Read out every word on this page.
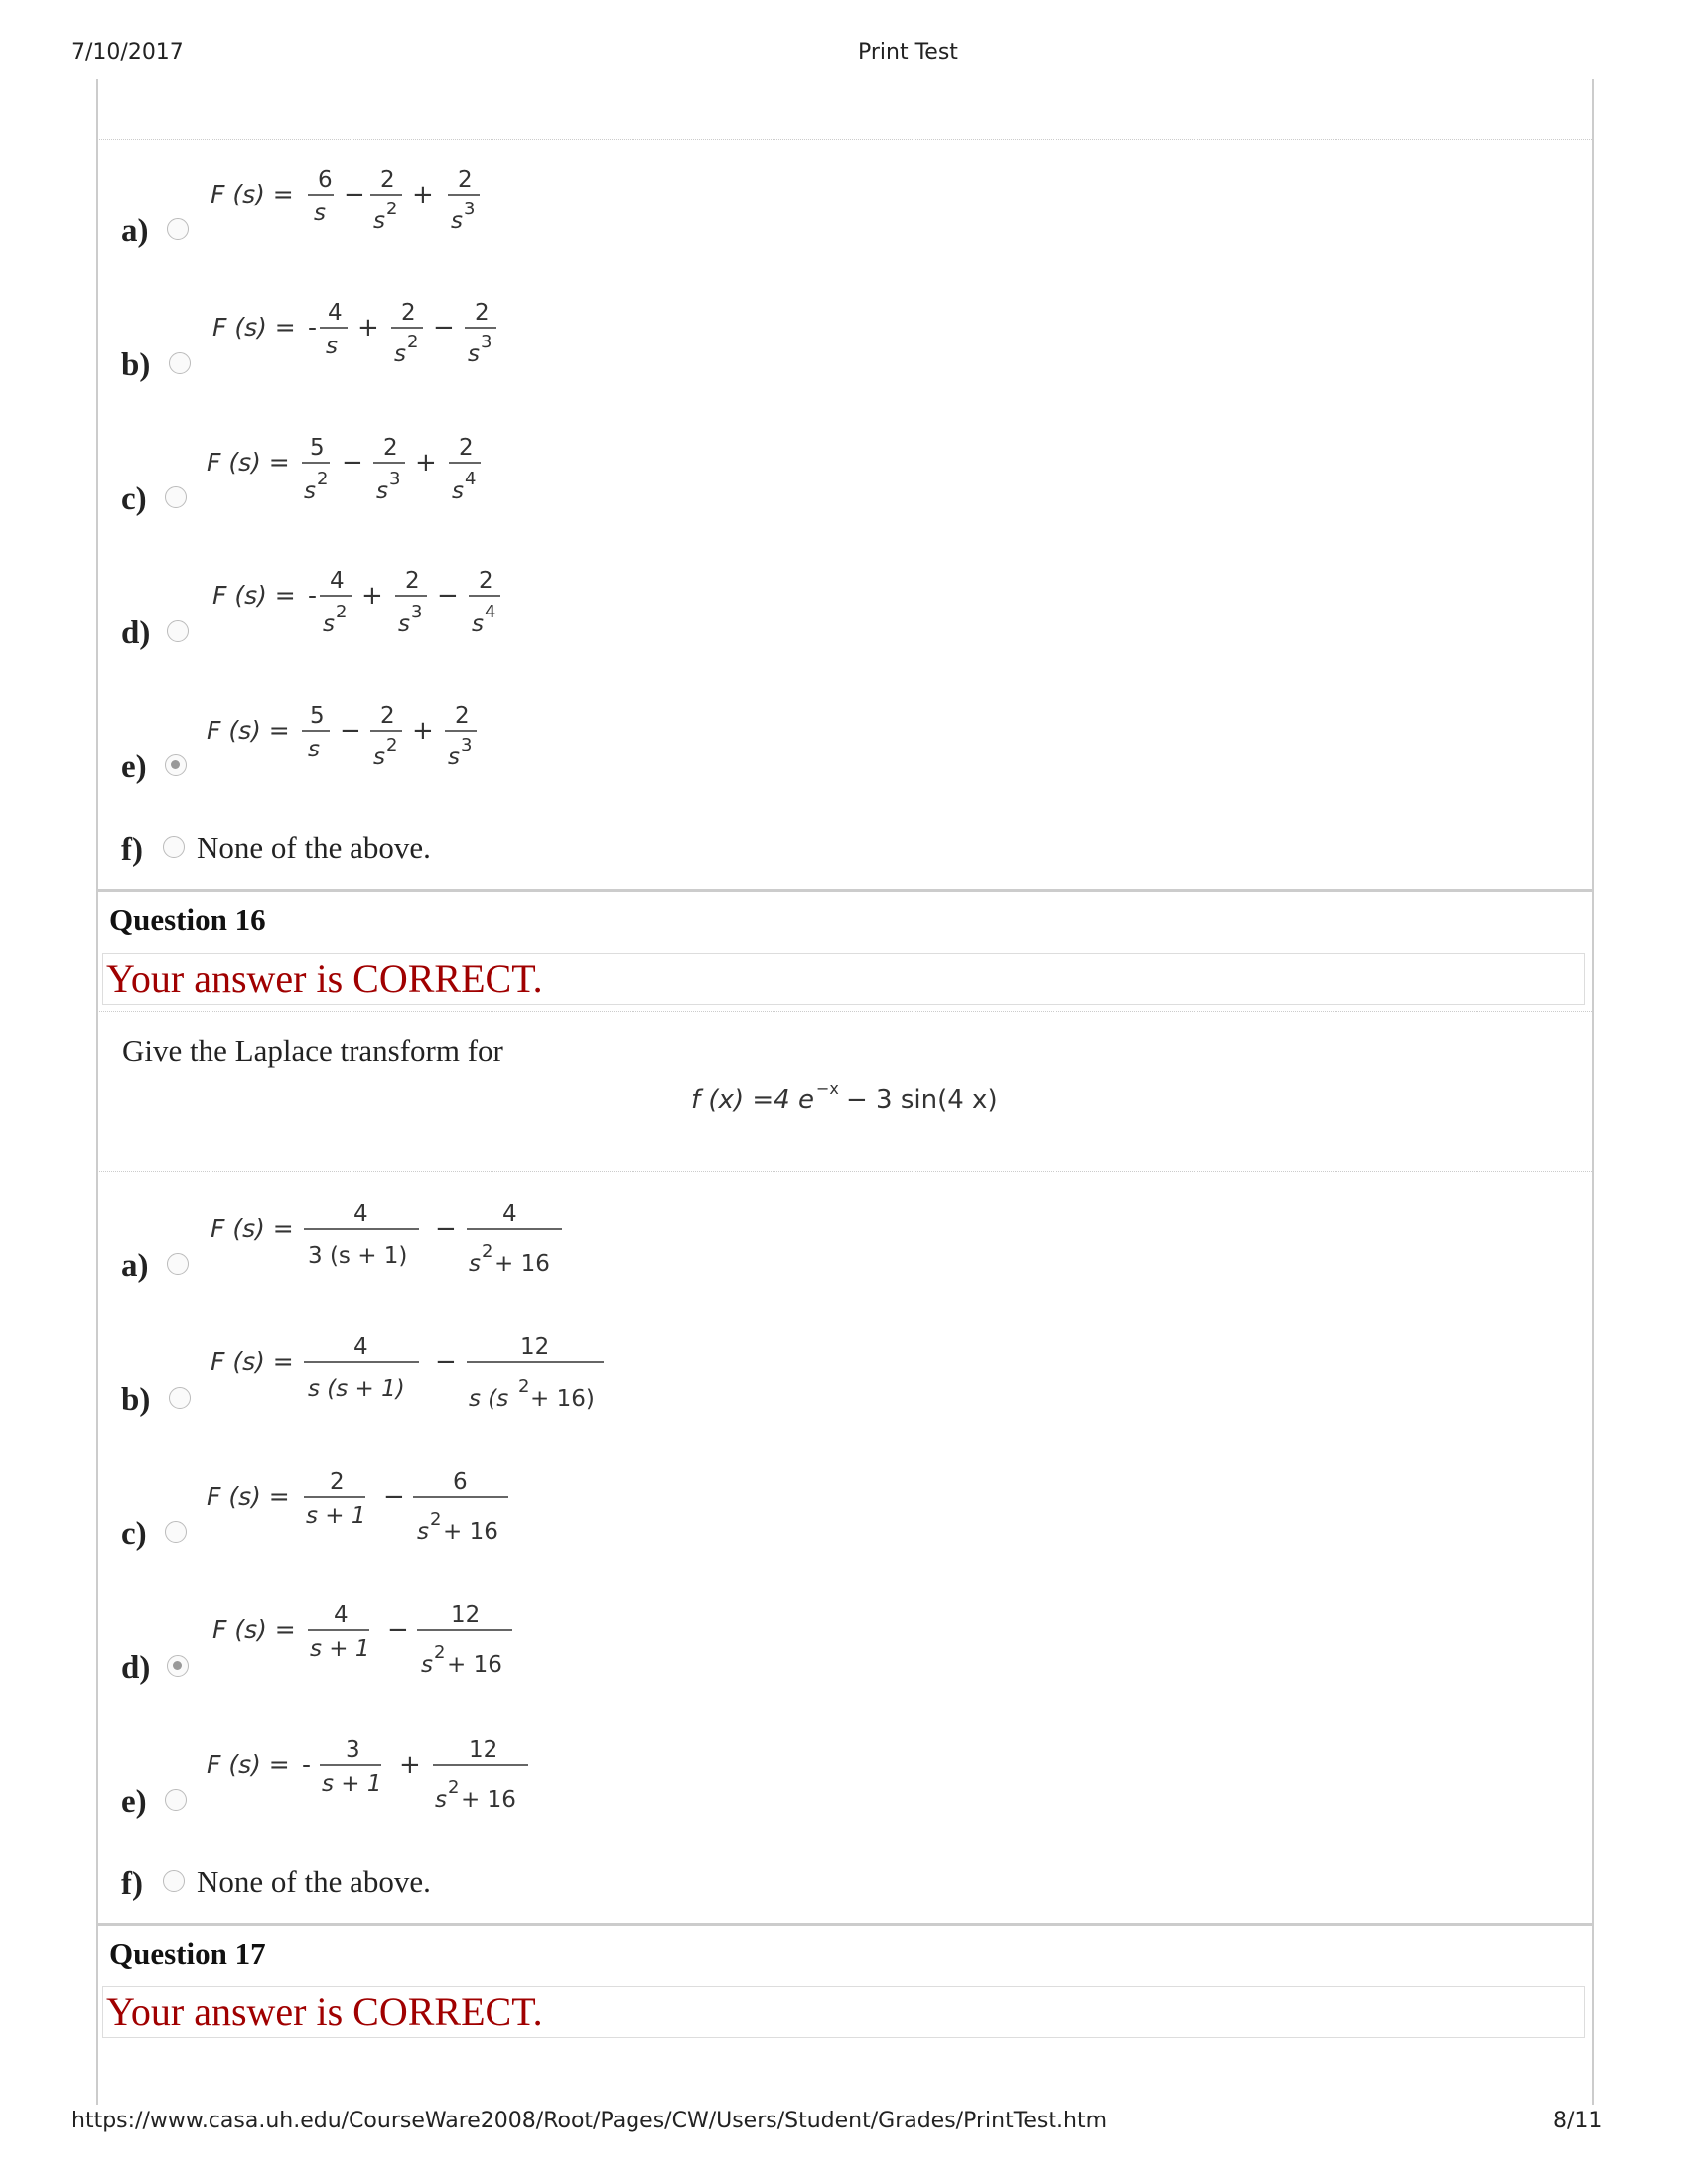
7/10/2017	Print Test
F (s) = 6
s
− 2
s 2 + 2
s 3
a)
F (s) = - 4
s
+ 2
s 2 − 2
s 3
b)
F (s) = 5
s 2
− 2
s 3
+ 2
s 4
c)
F (s) = - 4
s 2
+ 2
s 3
− 2
s 4
d)
F (s) = 5
s
− 2
s 2 + 2
s 3
e)
f) None of the above.
Question 16
Your answer is CORRECT.
Give the Laplace transform for
f (x) =4 e −x − 3 sin(4 x)
F (s) =	4
3 (s + 1)
− 4
s 2 + 16
a)
F (s) =	4
s (s + 1)
−	12
s (s 2 + 16)
b)
F (s) = 2
s + 1
− 6
s 2 + 16
c)
F (s) = 4
s + 1
− 12
s 2 + 16
d)
F (s) = - 3
s + 1
+ 12
s 2 + 16
e)
f) None of the above.
Question 17
Your answer is CORRECT.
https://www.casa.uh.edu/CourseWare2008/Root/Pages/CW/Users/Student/Grades/PrintTest.htm	8/11
